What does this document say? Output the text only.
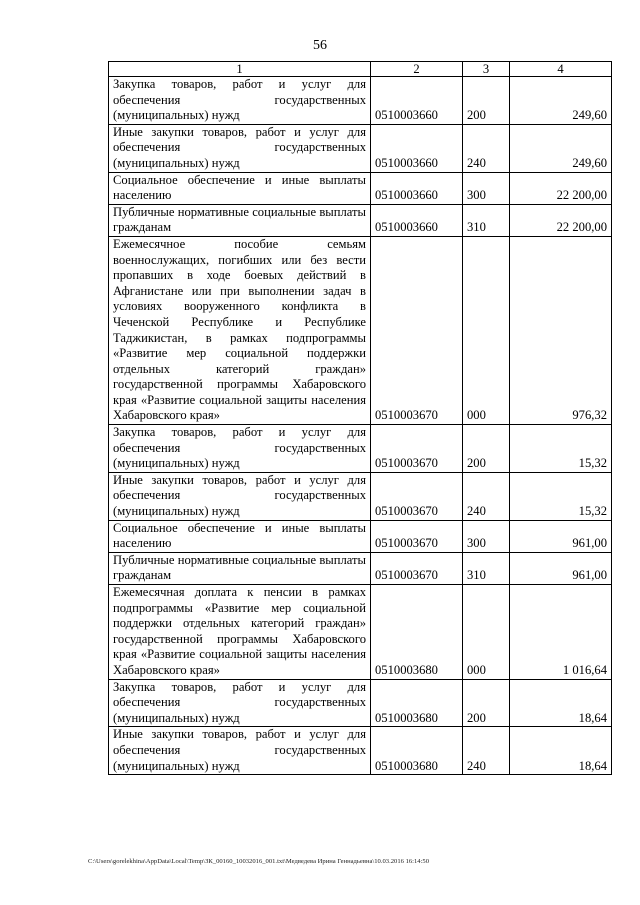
56
1	2	3	4
Закупка товаров, работ и услуг для обеспечения государственных (муниципальных) нужд	0510003660	200	249,60
Иные закупки товаров, работ и услуг для обеспечения государственных (муниципальных) нужд	0510003660	240	249,60
Социальное обеспечение и иные выплаты населению	0510003660	300	22 200,00
Публичные нормативные социальные выплаты гражданам	0510003660	310	22 200,00
Ежемесячное пособие семьям военнослужащих, погибших или без вести пропавших в ходе боевых действий в Афганистане или при выполнении задач в условиях вооруженного конфликта в Чеченской Республике и Республике Таджикистан, в рамках подпрограммы «Развитие мер социальной поддержки отдельных категорий граждан» государственной программы Хабаровского края «Развитие социальной защиты населения Хабаровского края»	0510003670	000	976,32
Закупка товаров, работ и услуг для обеспечения государственных (муниципальных) нужд	0510003670	200	15,32
Иные закупки товаров, работ и услуг для обеспечения государственных (муниципальных) нужд	0510003670	240	15,32
Социальное обеспечение и иные выплаты населению	0510003670	300	961,00
Публичные нормативные социальные выплаты гражданам	0510003670	310	961,00
Ежемесячная доплата к пенсии в рамках подпрограммы «Развитие мер социальной поддержки отдельных категорий граждан» государственной программы Хабаровского края «Развитие социальной защиты населения Хабаровского края»	0510003680	000	1 016,64
Закупка товаров, работ и услуг для обеспечения государственных (муниципальных) нужд	0510003680	200	18,64
Иные закупки товаров, работ и услуг для обеспечения государственных (муниципальных) нужд	0510003680	240	18,64
C:\Users\gorelekhina\AppData\Local\Temp\ЗК_00160_10032016_001.txt\Медведева Ирина Геннадьевна\10.03.2016 16:14:50
